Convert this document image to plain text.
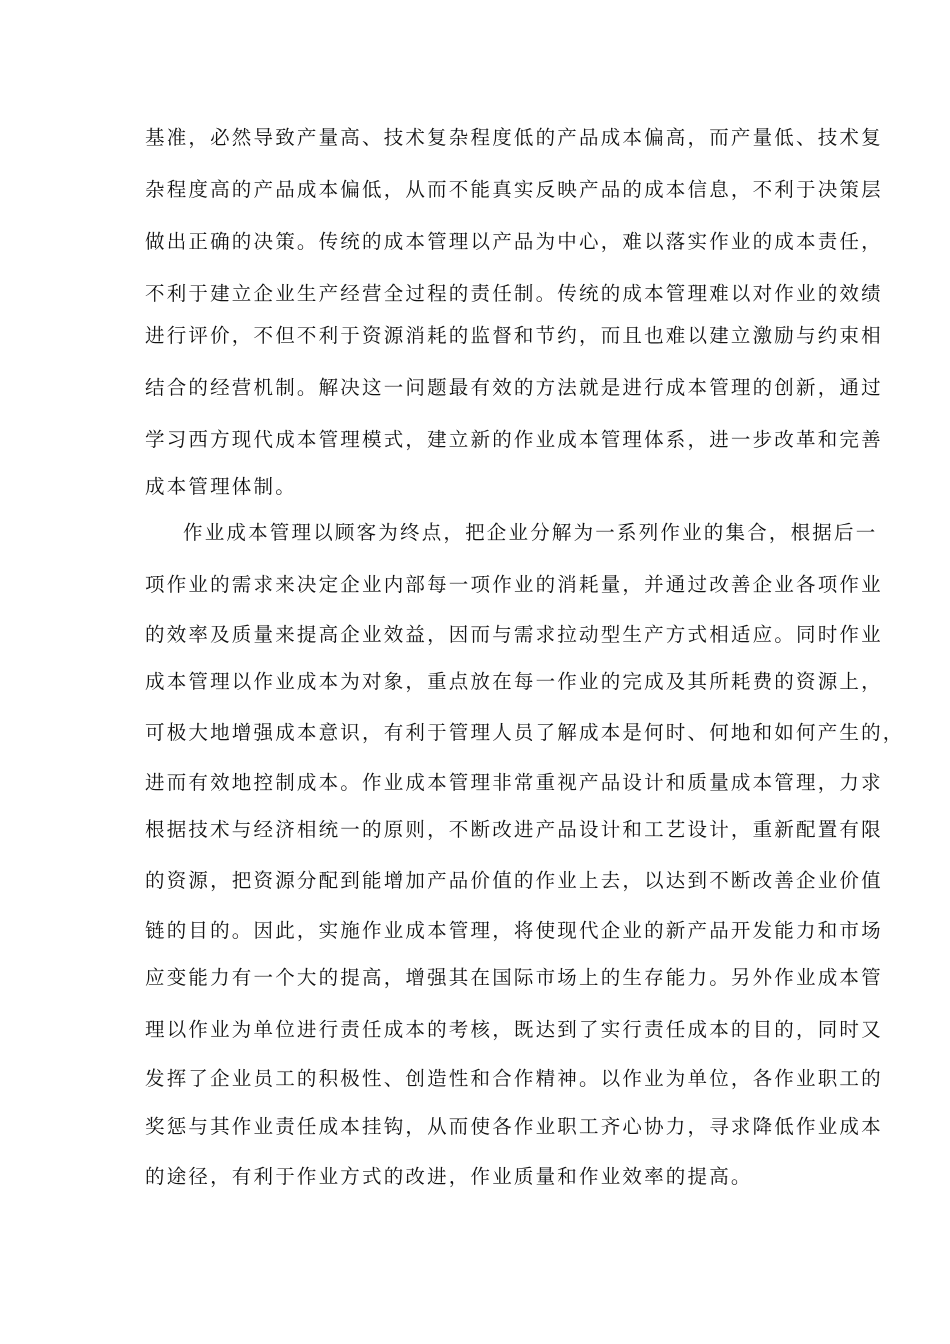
基准，必然导致产量高、技术复杂程度低的产品成本偏高，而产量低、技术复
杂程度高的产品成本偏低，从而不能真实反映产品的成本信息，不利于决策层
做出正确的决策。传统的成本管理以产品为中心，难以落实作业的成本责任，
不利于建立企业生产经营全过程的责任制。传统的成本管理难以对作业的效绩
进行评价，不但不利于资源消耗的监督和节约，而且也难以建立激励与约束相
结合的经营机制。解决这一问题最有效的方法就是进行成本管理的创新，通过
学习西方现代成本管理模式，建立新的作业成本管理体系，进一步改革和完善
成本管理体制。
作业成本管理以顾客为终点，把企业分解为一系列作业的集合，根据后一
项作业的需求来决定企业内部每一项作业的消耗量，并通过改善企业各项作业
的效率及质量来提高企业效益，因而与需求拉动型生产方式相适应。同时作业
成本管理以作业成本为对象，重点放在每一作业的完成及其所耗费的资源上，
可极大地增强成本意识，有利于管理人员了解成本是何时、何地和如何产生的，
进而有效地控制成本。作业成本管理非常重视产品设计和质量成本管理，力求
根据技术与经济相统一的原则，不断改进产品设计和工艺设计，重新配置有限
的资源，把资源分配到能增加产品价值的作业上去，以达到不断改善企业价值
链的目的。因此，实施作业成本管理，将使现代企业的新产品开发能力和市场
应变能力有一个大的提高，增强其在国际市场上的生存能力。另外作业成本管
理以作业为单位进行责任成本的考核，既达到了实行责任成本的目的，同时又
发挥了企业员工的积极性、创造性和合作精神。以作业为单位，各作业职工的
奖惩与其作业责任成本挂钩，从而使各作业职工齐心协力，寻求降低作业成本
的途径，有利于作业方式的改进，作业质量和作业效率的提高。
